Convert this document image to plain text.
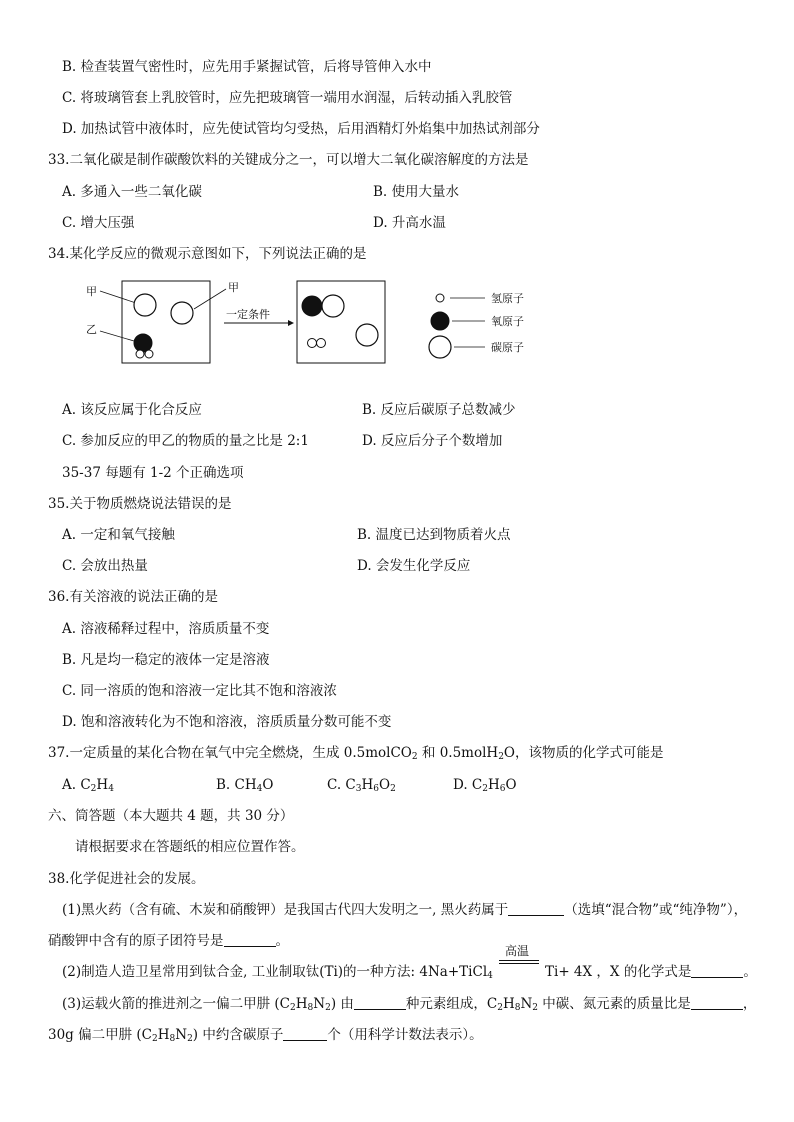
B. 检查装置气密性时，应先用手紧握试管，后将导管伸入水中
C. 将玻璃管套上乳胶管时，应先把玻璃管一端用水润湿，后转动插入乳胶管
D. 加热试管中液体时，应先使试管均匀受热，后用酒精灯外焰集中加热试剂部分
33.二氧化碳是制作碳酸饮料的关键成分之一，可以增大二氧化碳溶解度的方法是
A. 多通入一些二氧化碳	B. 使用大量水
C. 增大压强	D. 升高水温
34.某化学反应的微观示意图如下，下列说法正确的是
甲	甲
乙
一定条件
氢原子
氧原子
碳原子
A. 该反应属于化合反应	B. 反应后碳原子总数减少
C. 参加反应的甲乙的物质的量之比是 2:1	D. 反应后分子个数增加
35-37 每题有 1-2 个正确选项
35.关于物质燃烧说法错误的是
A. 一定和氧气接触	B. 温度已达到物质着火点
C. 会放出热量	D. 会发生化学反应
36.有关溶液的说法正确的是
A. 溶液稀释过程中，溶质质量不变
B. 凡是均一稳定的液体一定是溶液
C. 同一溶质的饱和溶液一定比其不饱和溶液浓
D. 饱和溶液转化为不饱和溶液，溶质质量分数可能不变
37.一定质量的某化合物在氧气中完全燃烧，生成 0.5molCO$_2$ 和 0.5molH$_2$O，该物质的化学式可能是
A. $C_2H_4$	B. $CH_4O$	C. $C_3H_6O_2$	D. $C_2H_6O$
六、筒答题（本大题共 4 题，共 30 分）
请根据要求在答题纸的相应位置作答。
38.化学促进社会的发展。
(1)黑火药（含有硫、木炭和硝酸钾）是我国古代四大发明之一, 黑火药属于	（选填“混合物”或“纯净物”），
硝酸钾中含有的原子团符号是	。
高温
(2)制造人造卫星常用到钛合金, 工业制取钛(Ti)的一种方法: 4Na+TiCl$_4$	Ti+ 4X ，X 的化学式是	。
(3)运载火箭的推进剂之一偏二甲肼 $(C_2H_8N_2)$ 由	种元素组成，$C_2H_8N_2$ 中碳、氮元素的质量比是	，
30g 偏二甲肼 $(C_2H_8N_2)$ 中约含碳原子	个（用科学计数法表示）。
